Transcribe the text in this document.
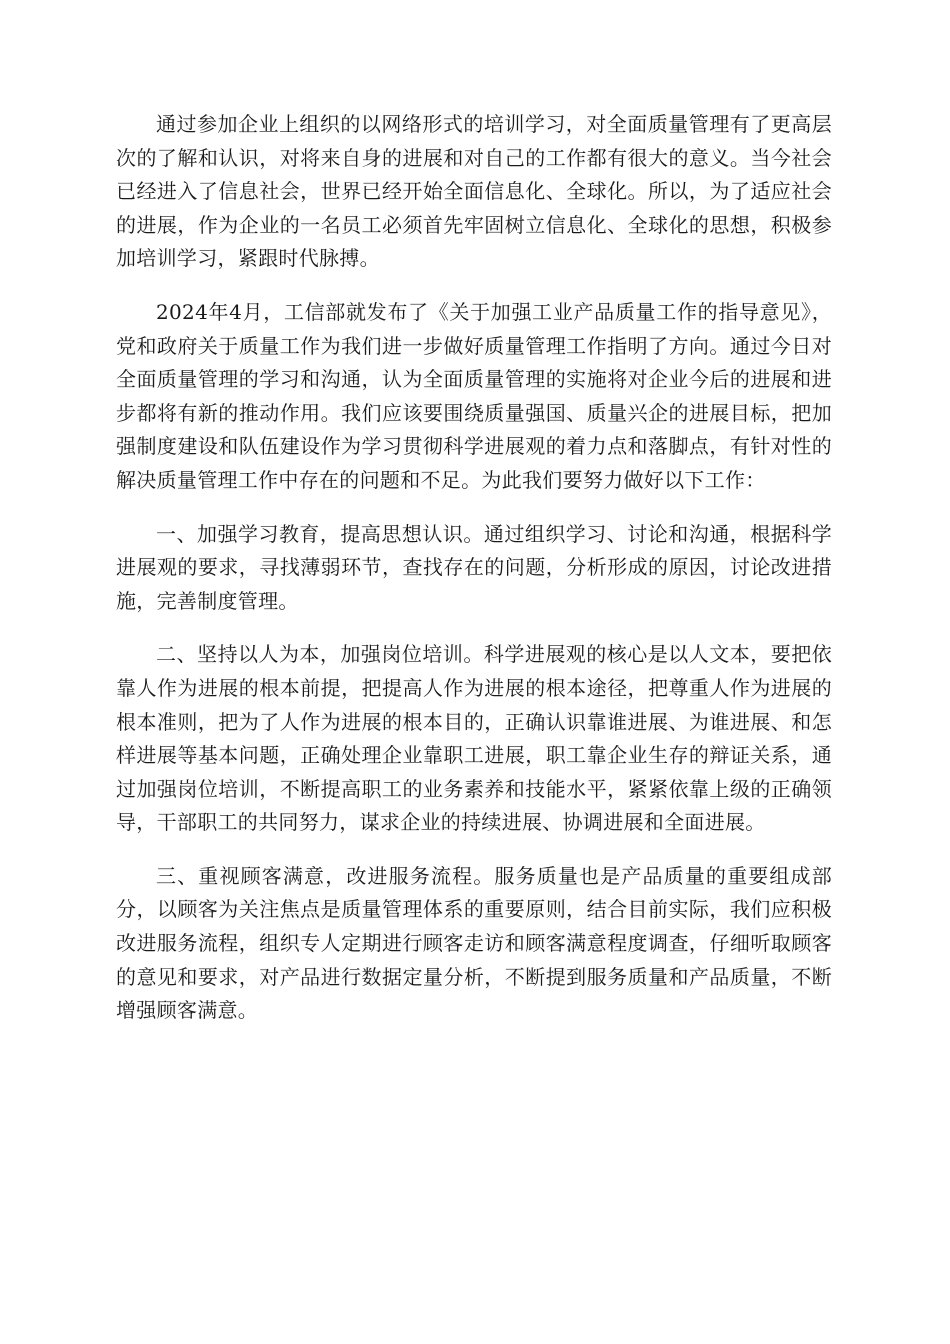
通过参加企业上组织的以网络形式的培训学习，对全面质量管理有了更高层次的了解和认识，对将来自身的进展和对自己的工作都有很大的意义。当今社会已经进入了信息社会，世界已经开始全面信息化、全球化。所以，为了适应社会的进展，作为企业的一名员工必须首先牢固树立信息化、全球化的思想，积极参加培训学习，紧跟时代脉搏。

2024年4月，工信部就发布了《关于加强工业产品质量工作的指导意见》，党和政府关于质量工作为我们进一步做好质量管理工作指明了方向。通过今日对全面质量管理的学习和沟通，认为全面质量管理的实施将对企业今后的进展和进步都将有新的推动作用。我们应该要围绕质量强国、质量兴企的进展目标，把加强制度建设和队伍建设作为学习贯彻科学进展观的着力点和落脚点，有针对性的解决质量管理工作中存在的问题和不足。为此我们要努力做好以下工作：

一、加强学习教育，提高思想认识。通过组织学习、讨论和沟通，根据科学进展观的要求，寻找薄弱环节，查找存在的问题，分析形成的原因，讨论改进措施，完善制度管理。

二、坚持以人为本，加强岗位培训。科学进展观的核心是以人文本，要把依靠人作为进展的根本前提，把提高人作为进展的根本途径，把尊重人作为进展的根本准则，把为了人作为进展的根本目的，正确认识靠谁进展、为谁进展、和怎样进展等基本问题，正确处理企业靠职工进展，职工靠企业生存的辩证关系，通过加强岗位培训，不断提高职工的业务素养和技能水平，紧紧依靠上级的正确领导，干部职工的共同努力，谋求企业的持续进展、协调进展和全面进展。

三、重视顾客满意，改进服务流程。服务质量也是产品质量的重要组成部分，以顾客为关注焦点是质量管理体系的重要原则，结合目前实际，我们应积极改进服务流程，组织专人定期进行顾客走访和顾客满意程度调查，仔细听取顾客的意见和要求，对产品进行数据定量分析，不断提到服务质量和产品质量，不断增强顾客满意。
